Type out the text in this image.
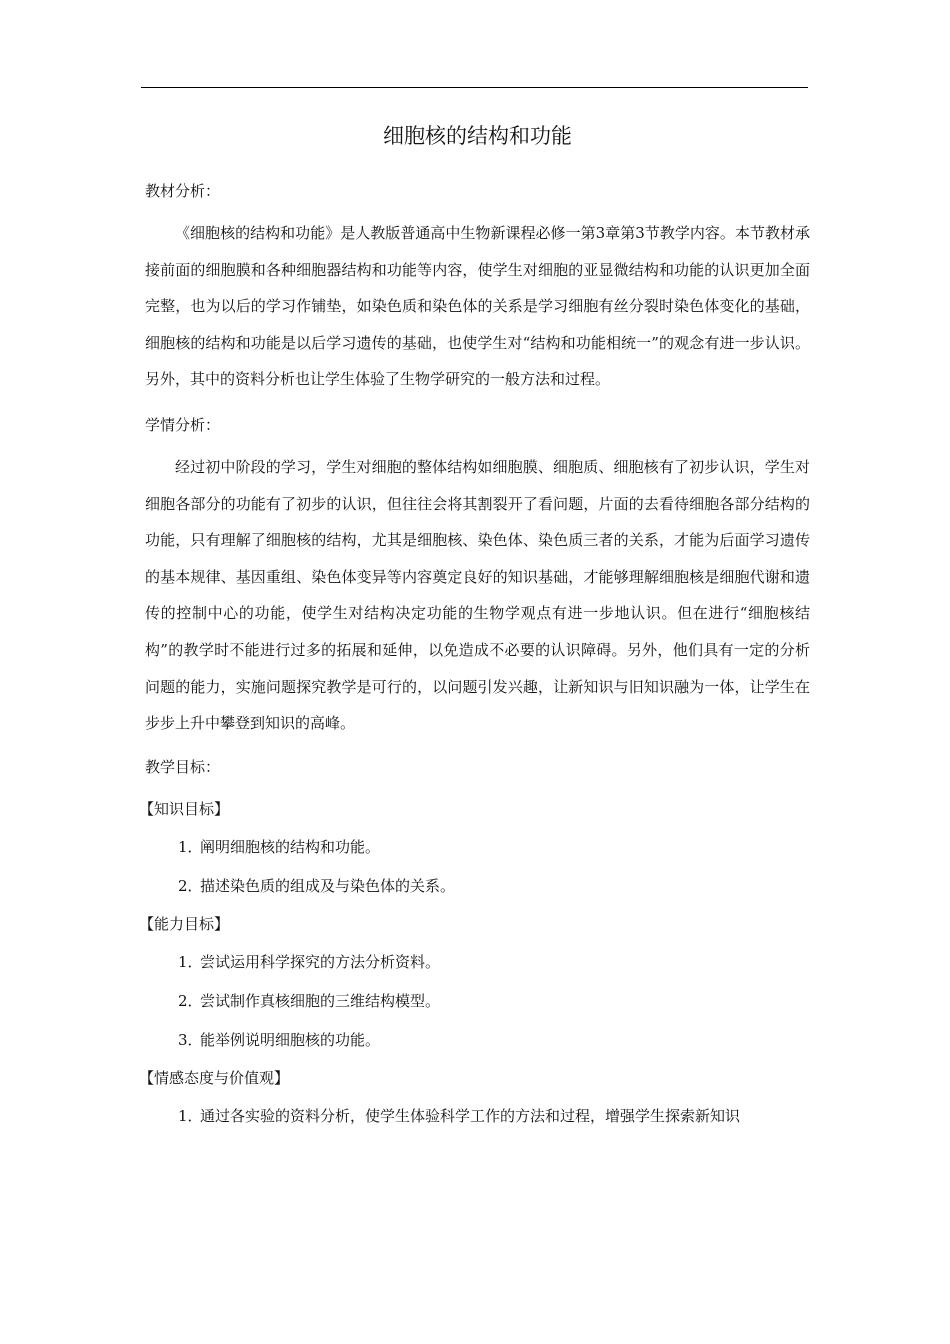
细胞核的结构和功能
教材分析：

《细胞核的结构和功能》是人教版普通高中生物新课程必修一第3章第3节教学内容。本节教材承接前面的细胞膜和各种细胞器结构和功能等内容，使学生对细胞的亚显微结构和功能的认识更加全面完整，也为以后的学习作铺垫，如染色质和染色体的关系是学习细胞有丝分裂时染色体变化的基础，细胞核的结构和功能是以后学习遗传的基础，也使学生对“结构和功能相统一”的观念有进一步认识。另外，其中的资料分析也让学生体验了生物学研究的一般方法和过程。

学情分析：

经过初中阶段的学习，学生对细胞的整体结构如细胞膜、细胞质、细胞核有了初步认识，学生对细胞各部分的功能有了初步的认识，但往往会将其割裂开了看问题，片面的去看待细胞各部分结构的功能，只有理解了细胞核的结构，尤其是细胞核、染色体、染色质三者的关系，才能为后面学习遗传的基本规律、基因重组、染色体变异等内容奠定良好的知识基础，才能够理解细胞核是细胞代谢和遗传的控制中心的功能，使学生对结构决定功能的生物学观点有进一步地认识。但在进行“细胞核结构”的教学时不能进行过多的拓展和延伸，以免造成不必要的认识障碍。另外，他们具有一定的分析问题的能力，实施问题探究教学是可行的，以问题引发兴趣，让新知识与旧知识融为一体，让学生在步步上升中攀登到知识的高峰。

教学目标：
【知识目标】
1．阐明细胞核的结构和功能。
2．描述染色质的组成及与染色体的关系。
【能力目标】
1．尝试运用科学探究的方法分析资料。
2．尝试制作真核细胞的三维结构模型。
3．能举例说明细胞核的功能。
【情感态度与价值观】
1．通过各实验的资料分析，使学生体验科学工作的方法和过程，增强学生探索新知识
